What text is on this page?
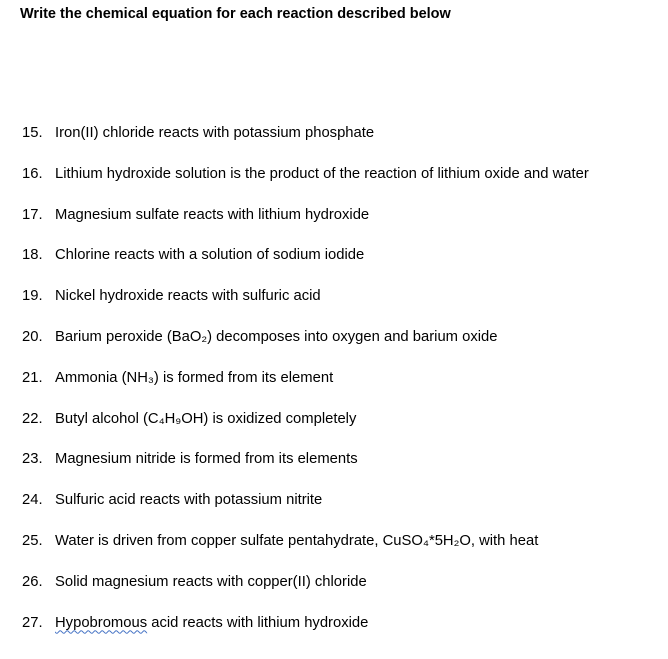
Write the chemical equation for each reaction described below
15. Iron(II) chloride reacts with potassium phosphate
16. Lithium hydroxide solution is the product of the reaction of lithium oxide and water
17. Magnesium sulfate reacts with lithium hydroxide
18. Chlorine reacts with a solution of sodium iodide
19. Nickel hydroxide reacts with sulfuric acid
20. Barium peroxide (BaO₂) decomposes into oxygen and barium oxide
21. Ammonia (NH₃) is formed from its element
22. Butyl alcohol (C₄H₉OH) is oxidized completely
23. Magnesium nitride is formed from its elements
24. Sulfuric acid reacts with potassium nitrite
25. Water is driven from copper sulfate pentahydrate, CuSO₄*5H₂O, with heat
26. Solid magnesium reacts with copper(II) chloride
27. Hypobromous acid reacts with lithium hydroxide
